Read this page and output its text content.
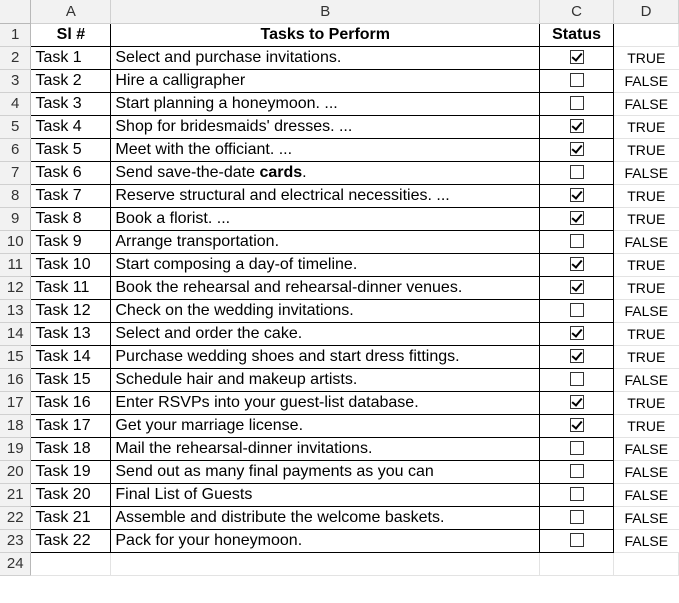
	A	B	C	D
1	Sl #	Tasks to Perform	Status	
2	Task 1	Select and purchase invitations.		TRUE
3	Task 2	Hire a calligrapher		FALSE
4	Task 3	Start planning a honeymoon. ...		FALSE
5	Task 4	Shop for bridesmaids' dresses. ...		TRUE
6	Task 5	Meet with the officiant. ...		TRUE
7	Task 6	Send save-the-date cards.		FALSE
8	Task 7	Reserve structural and electrical necessities. ...		TRUE
9	Task 8	Book a florist. ...		TRUE
10	Task 9	Arrange transportation.		FALSE
11	Task 10	Start composing a day-of timeline.		TRUE
12	Task 11	Book the rehearsal and rehearsal-dinner venues.		TRUE
13	Task 12	Check on the wedding invitations.		FALSE
14	Task 13	Select and order the cake.		TRUE
15	Task 14	Purchase wedding shoes and start dress fittings.		TRUE
16	Task 15	Schedule hair and makeup artists.		FALSE
17	Task 16	Enter RSVPs into your guest-list database.		TRUE
18	Task 17	Get your marriage license.		TRUE
19	Task 18	Mail the rehearsal-dinner invitations.		FALSE
20	Task 19	Send out as many final payments as you can		FALSE
21	Task 20	Final List of Guests		FALSE
22	Task 21	Assemble and distribute the welcome baskets.		FALSE
23	Task 22	Pack for your honeymoon.		FALSE
24				
